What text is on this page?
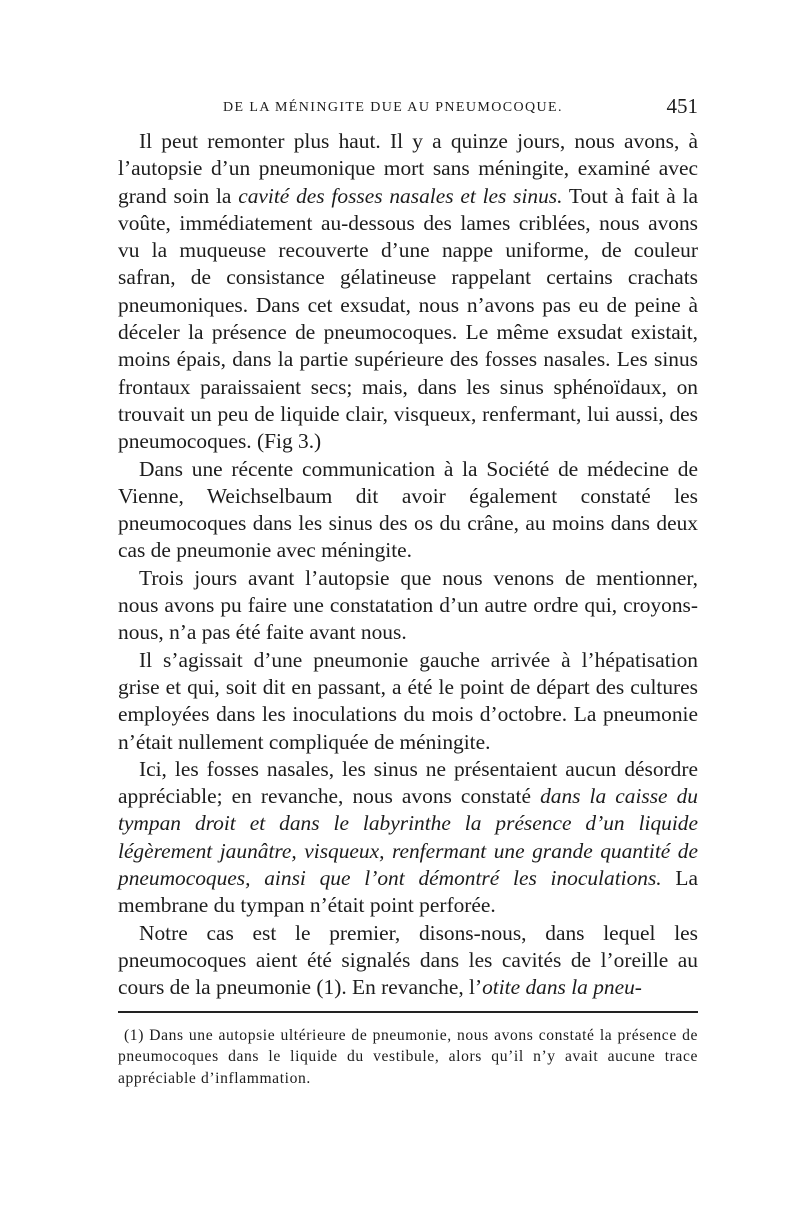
DE LA MÉNINGITE DUE AU PNEUMOCOQUE.	451

Il peut remonter plus haut. Il y a quinze jours, nous avons, à l’autopsie d’un pneumonique mort sans méningite, examiné avec grand soin la cavité des fosses nasales et les sinus. Tout à fait à la voûte, immédiatement au-dessous des lames criblées, nous avons vu la muqueuse recouverte d’une nappe uniforme, de couleur safran, de consistance gélatineuse rappelant certains crachats pneumoniques. Dans cet exsudat, nous n’avons pas eu de peine à déceler la présence de pneumocoques. Le même exsudat existait, moins épais, dans la partie supérieure des fosses nasales. Les sinus frontaux paraissaient secs; mais, dans les sinus sphénoïdaux, on trouvait un peu de liquide clair, visqueux, renfermant, lui aussi, des pneumocoques. (Fig 3.)

Dans une récente communication à la Société de médecine de Vienne, Weichselbaum dit avoir également constaté les pneumocoques dans les sinus des os du crâne, au moins dans deux cas de pneumonie avec méningite.

Trois jours avant l’autopsie que nous venons de mentionner, nous avons pu faire une constatation d’un autre ordre qui, croyons-nous, n’a pas été faite avant nous.

Il s’agissait d’une pneumonie gauche arrivée à l’hépatisation grise et qui, soit dit en passant, a été le point de départ des cultures employées dans les inoculations du mois d’octobre. La pneumonie n’était nullement compliquée de méningite.

Ici, les fosses nasales, les sinus ne présentaient aucun désordre appréciable; en revanche, nous avons constaté dans la caisse du tympan droit et dans le labyrinthe la présence d’un liquide légèrement jaunâtre, visqueux, renfermant une grande quantité de pneumocoques, ainsi que l’ont démontré les inoculations. La membrane du tympan n’était point perforée.

Notre cas est le premier, disons-nous, dans lequel les pneumocoques aient été signalés dans les cavités de l’oreille au cours de la pneumonie (1). En revanche, l’otite dans la pneu-

(1) Dans une autopsie ultérieure de pneumonie, nous avons constaté la présence de pneumocoques dans le liquide du vestibule, alors qu’il n’y avait aucune trace appréciable d’inflammation.
